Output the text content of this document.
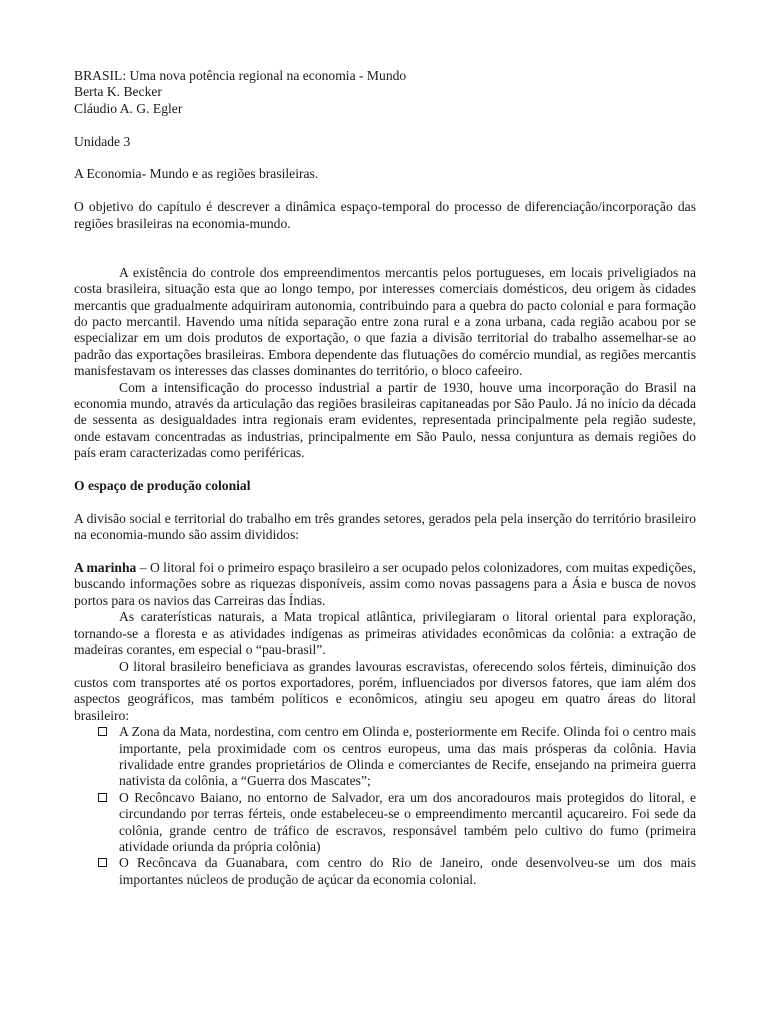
BRASIL: Uma nova potência regional na economia - Mundo

Berta K. Becker

Cláudio A. G. Egler

Unidade 3

A Economia- Mundo e as regiões brasileiras.

O objetivo do capítulo é descrever a dinâmica espaço-temporal do processo de diferenciação/incorporação das regiões brasileiras na economia-mundo.

A existência do controle dos empreendimentos mercantis pelos portugueses, em locais priveligiados na costa brasileira, situação esta que ao longo tempo, por interesses comerciais domésticos, deu origem às cidades mercantis que gradualmente adquiriram autonomia, contribuindo para a quebra do pacto colonial e para formação do pacto mercantil. Havendo uma nítida separação entre zona rural e a zona urbana, cada região acabou por se especializar em um dois produtos de exportação, o que fazia a divisão territorial do trabalho assemelhar-se ao padrão das exportações brasileiras. Embora dependente das flutuações do comércio mundial, as regiões mercantis manisfestavam os interesses das classes dominantes do território, o bloco cafeeiro.

Com a intensificação do processo industrial a partir de 1930, houve uma incorporação do Brasil na economia mundo, através da articulação das regiões brasileiras capitaneadas por São Paulo. Já no início da década de sessenta as desigualdades intra regionais eram evidentes, representada principalmente pela região sudeste, onde estavam concentradas as industrias, principalmente em São Paulo, nessa conjuntura as demais regiões do país eram caracterizadas como periféricas.

O espaço de produção colonial

A divisão social e territorial do trabalho em três grandes setores, gerados pela pela inserção do território brasileiro na economia-mundo são assim divididos:

A marinha – O litoral foi o primeiro espaço brasileiro a ser ocupado pelos colonizadores, com muitas expedições, buscando informações sobre as riquezas disponíveis, assim como novas passagens para a Ásia e busca de novos portos para os navios das Carreiras das Índias.

As caraterísticas naturais, a Mata tropical atlântica, privilegiaram o litoral oriental para exploração, tornando-se a floresta e as atividades indígenas as primeiras atividades econômicas da colônia: a extração de madeiras corantes, em especial o “pau-brasil”.

O litoral brasileiro beneficiava as grandes lavouras escravistas, oferecendo solos férteis, diminuição dos custos com transportes até os portos exportadores, porém, influenciados por diversos fatores, que iam além dos aspectos geográficos, mas também políticos e econômicos, atingiu seu apogeu em quatro áreas do litoral brasileiro:

A Zona da Mata, nordestina, com centro em Olinda e, posteriormente em Recife. Olinda foi o centro mais importante, pela proximidade com os centros europeus, uma das mais prósperas da colônia. Havia rivalidade entre grandes proprietários de Olinda e comerciantes de Recife, ensejando na primeira guerra nativista da colônia, a “Guerra dos Mascates”;
O Recôncavo Baiano, no entorno de Salvador, era um dos ancoradouros mais protegidos do litoral, e circundando por terras férteis, onde estabeleceu-se o empreendimento mercantil açucareiro. Foi sede da colônia, grande centro de tráfico de escravos, responsável também pelo cultivo do fumo (primeira atividade oriunda da própria colônia)
O Recôncava da Guanabara, com centro do Rio de Janeiro, onde desenvolveu-se um dos mais importantes núcleos de produção de açúcar da economia colonial.
